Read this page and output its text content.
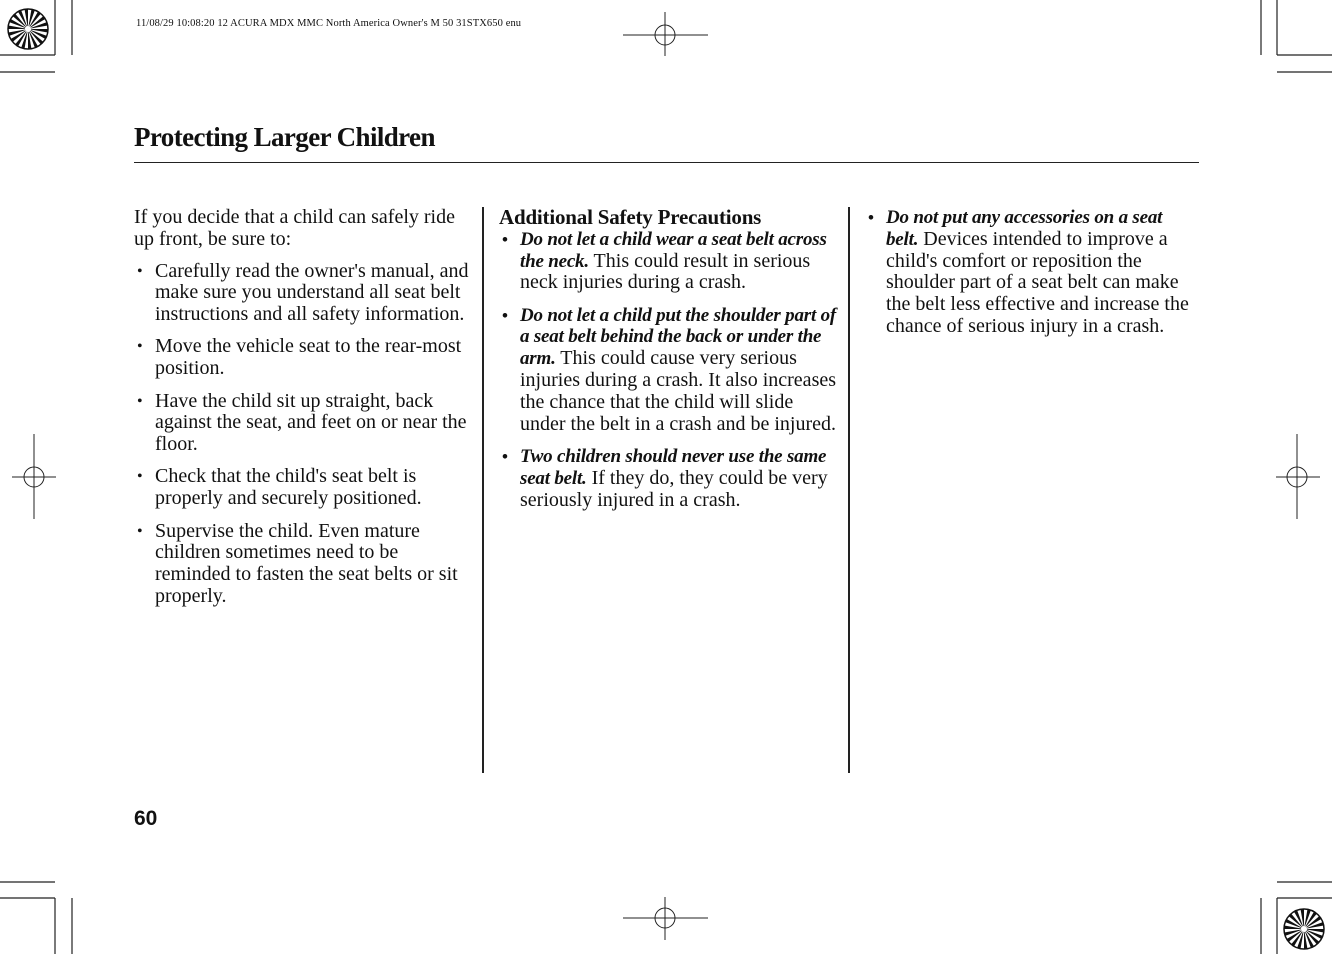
11/08/29 10:08:20 12 ACURA MDX MMC North America Owner's M 50 31STX650 enu
Protecting Larger Children

If you decide that a child can safely ride up front, be sure to:

• Carefully read the owner's manual, and make sure you understand all seat belt instructions and all safety information.
• Move the vehicle seat to the rear-most position.
• Have the child sit up straight, back against the seat, and feet on or near the floor.
• Check that the child's seat belt is properly and securely positioned.
• Supervise the child. Even mature children sometimes need to be reminded to fasten the seat belts or sit properly.
Additional Safety Precautions
• Do not let a child wear a seat belt across the neck. This could result in serious neck injuries during a crash.
• Do not let a child put the shoulder part of a seat belt behind the back or under the arm. This could cause very serious injuries during a crash. It also increases the chance that the child will slide under the belt in a crash and be injured.
• Two children should never use the same seat belt. If they do, they could be very seriously injured in a crash.
• Do not put any accessories on a seat belt. Devices intended to improve a child's comfort or reposition the shoulder part of a seat belt can make the belt less effective and increase the chance of serious injury in a crash.
60
